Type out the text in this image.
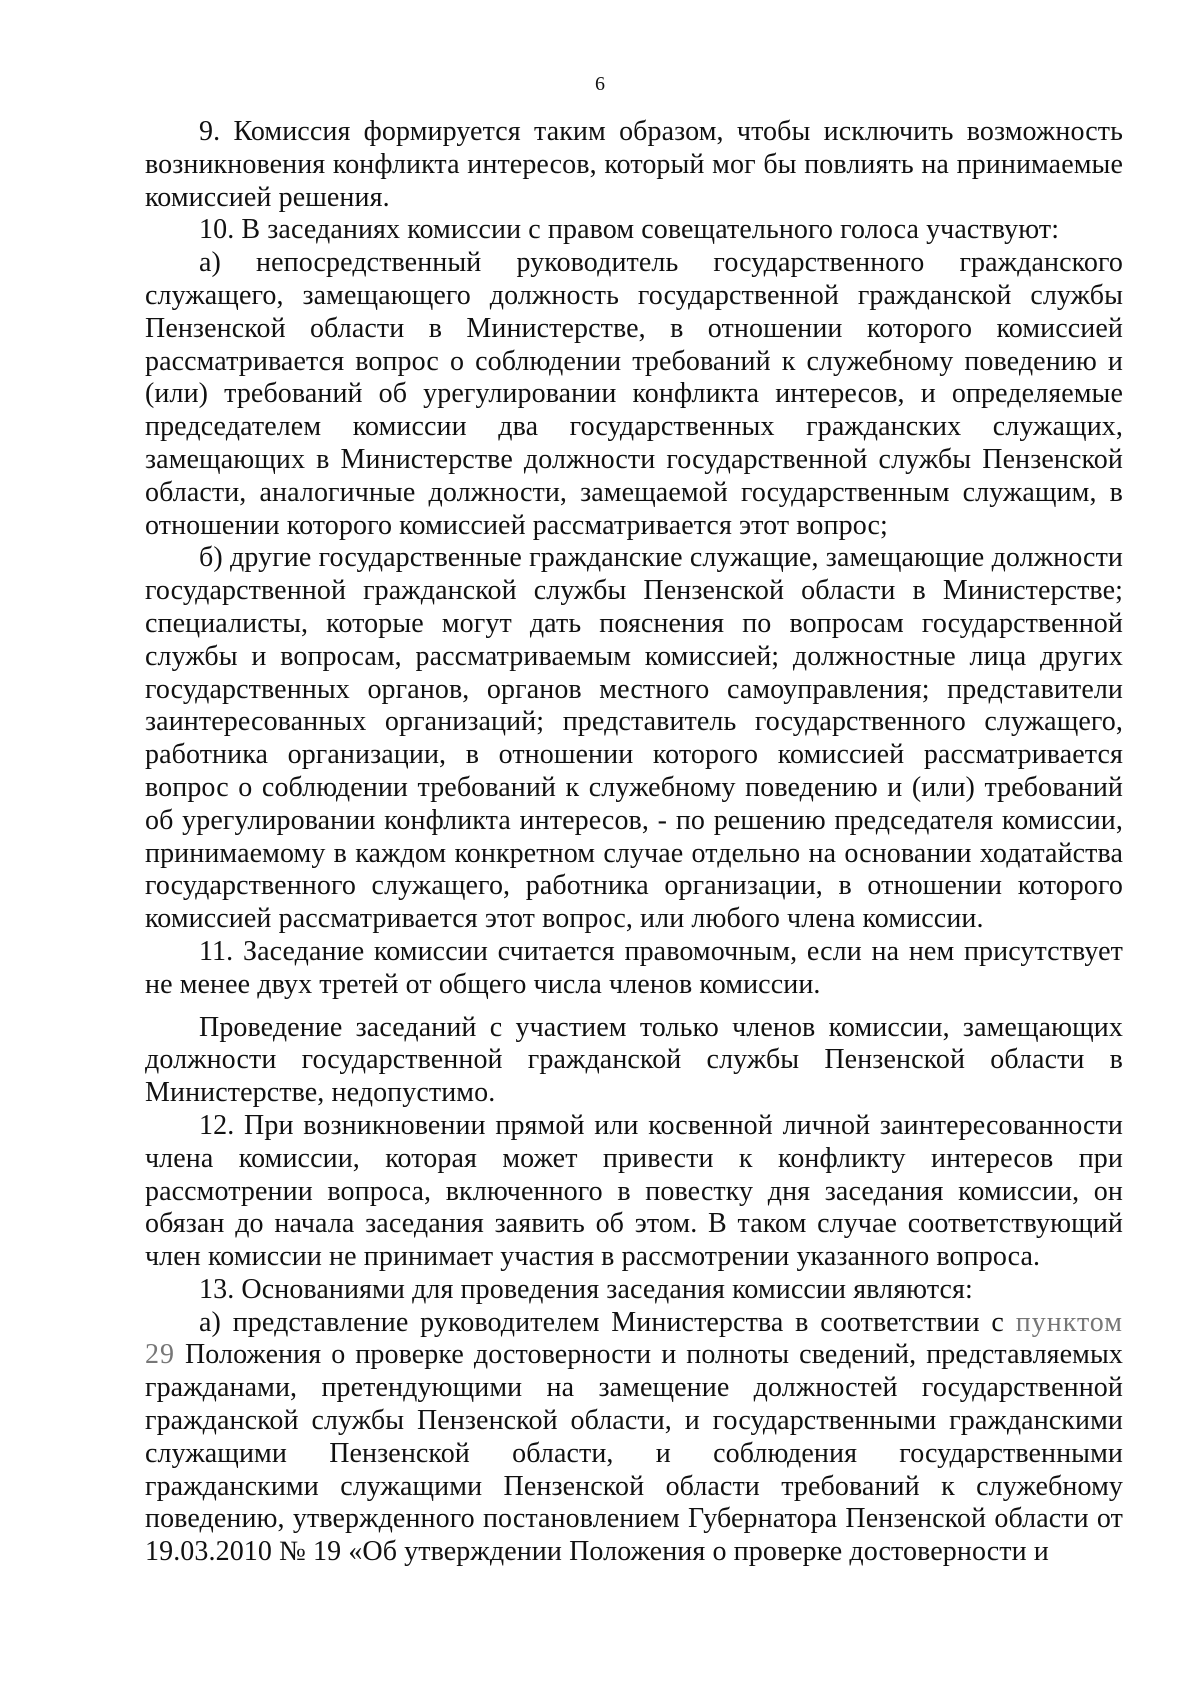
6

9. Комиссия формируется таким образом, чтобы исключить возможность возникновения конфликта интересов, который мог бы повлиять на принимаемые комиссией решения.

10. В заседаниях комиссии с правом совещательного голоса участвуют:

а) непосредственный руководитель государственного гражданского служащего, замещающего должность государственной гражданской службы Пензенской области в Министерстве, в отношении которого комиссией рассматривается вопрос о соблюдении требований к служебному поведению и (или) требований об урегулировании конфликта интересов, и определяемые председателем комиссии два государственных гражданских служащих, замещающих в Министерстве должности государственной службы Пензенской области, аналогичные должности, замещаемой государственным служащим, в отношении которого комиссией рассматривается этот вопрос;

б) другие государственные гражданские служащие, замещающие должности государственной гражданской службы Пензенской области в Министерстве; специалисты, которые могут дать пояснения по вопросам государственной службы и вопросам, рассматриваемым комиссией; должностные лица других государственных органов, органов местного самоуправления; представители заинтересованных организаций; представитель государственного служащего, работника организации, в отношении которого комиссией рассматривается вопрос о соблюдении требований к служебному поведению и (или) требований об урегулировании конфликта интересов, - по решению председателя комиссии, принимаемому в каждом конкретном случае отдельно на основании ходатайства государственного служащего, работника организации, в отношении которого комиссией рассматривается этот вопрос, или любого члена комиссии.

11. Заседание комиссии считается правомочным, если на нем присутствует не менее двух третей от общего числа членов комиссии.

Проведение заседаний с участием только членов комиссии, замещающих должности государственной гражданской службы Пензенской области в Министерстве, недопустимо.

12. При возникновении прямой или косвенной личной заинтересованности члена комиссии, которая может привести к конфликту интересов при рассмотрении вопроса, включенного в повестку дня заседания комиссии, он обязан до начала заседания заявить об этом. В таком случае соответствующий член комиссии не принимает участия в рассмотрении указанного вопроса.

13. Основаниями для проведения заседания комиссии являются:

а) представление руководителем Министерства в соответствии с пунктом 29 Положения о проверке достоверности и полноты сведений, представляемых гражданами, претендующими на замещение должностей государственной гражданской службы Пензенской области, и государственными гражданскими служащими Пензенской области, и соблюдения государственными гражданскими служащими Пензенской области требований к служебному поведению, утвержденного постановлением Губернатора Пензенской области от 19.03.2010 № 19 «Об утверждении Положения о проверке достоверности и
